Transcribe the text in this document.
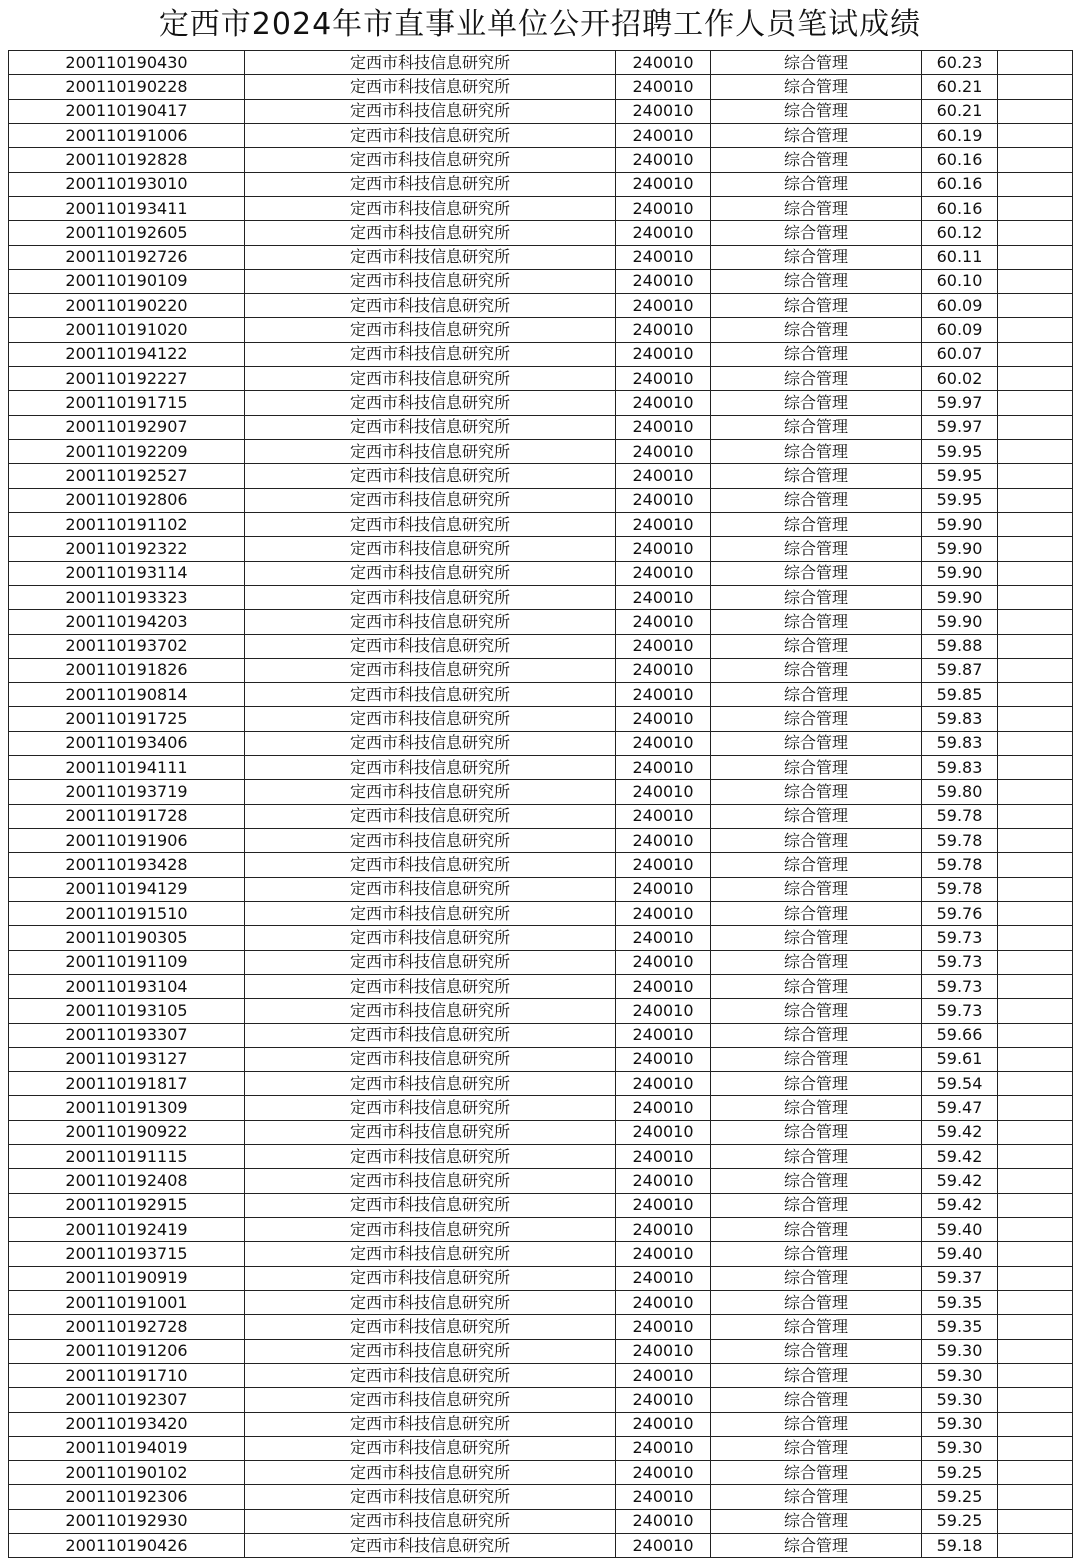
定西市2024年市直事业单位公开招聘工作人员笔试成绩
200110190430	定西市科技信息研究所	240010	综合管理	60.23	
200110190228	定西市科技信息研究所	240010	综合管理	60.21	
200110190417	定西市科技信息研究所	240010	综合管理	60.21	
200110191006	定西市科技信息研究所	240010	综合管理	60.19	
200110192828	定西市科技信息研究所	240010	综合管理	60.16	
200110193010	定西市科技信息研究所	240010	综合管理	60.16	
200110193411	定西市科技信息研究所	240010	综合管理	60.16	
200110192605	定西市科技信息研究所	240010	综合管理	60.12	
200110192726	定西市科技信息研究所	240010	综合管理	60.11	
200110190109	定西市科技信息研究所	240010	综合管理	60.10	
200110190220	定西市科技信息研究所	240010	综合管理	60.09	
200110191020	定西市科技信息研究所	240010	综合管理	60.09	
200110194122	定西市科技信息研究所	240010	综合管理	60.07	
200110192227	定西市科技信息研究所	240010	综合管理	60.02	
200110191715	定西市科技信息研究所	240010	综合管理	59.97	
200110192907	定西市科技信息研究所	240010	综合管理	59.97	
200110192209	定西市科技信息研究所	240010	综合管理	59.95	
200110192527	定西市科技信息研究所	240010	综合管理	59.95	
200110192806	定西市科技信息研究所	240010	综合管理	59.95	
200110191102	定西市科技信息研究所	240010	综合管理	59.90	
200110192322	定西市科技信息研究所	240010	综合管理	59.90	
200110193114	定西市科技信息研究所	240010	综合管理	59.90	
200110193323	定西市科技信息研究所	240010	综合管理	59.90	
200110194203	定西市科技信息研究所	240010	综合管理	59.90	
200110193702	定西市科技信息研究所	240010	综合管理	59.88	
200110191826	定西市科技信息研究所	240010	综合管理	59.87	
200110190814	定西市科技信息研究所	240010	综合管理	59.85	
200110191725	定西市科技信息研究所	240010	综合管理	59.83	
200110193406	定西市科技信息研究所	240010	综合管理	59.83	
200110194111	定西市科技信息研究所	240010	综合管理	59.83	
200110193719	定西市科技信息研究所	240010	综合管理	59.80	
200110191728	定西市科技信息研究所	240010	综合管理	59.78	
200110191906	定西市科技信息研究所	240010	综合管理	59.78	
200110193428	定西市科技信息研究所	240010	综合管理	59.78	
200110194129	定西市科技信息研究所	240010	综合管理	59.78	
200110191510	定西市科技信息研究所	240010	综合管理	59.76	
200110190305	定西市科技信息研究所	240010	综合管理	59.73	
200110191109	定西市科技信息研究所	240010	综合管理	59.73	
200110193104	定西市科技信息研究所	240010	综合管理	59.73	
200110193105	定西市科技信息研究所	240010	综合管理	59.73	
200110193307	定西市科技信息研究所	240010	综合管理	59.66	
200110193127	定西市科技信息研究所	240010	综合管理	59.61	
200110191817	定西市科技信息研究所	240010	综合管理	59.54	
200110191309	定西市科技信息研究所	240010	综合管理	59.47	
200110190922	定西市科技信息研究所	240010	综合管理	59.42	
200110191115	定西市科技信息研究所	240010	综合管理	59.42	
200110192408	定西市科技信息研究所	240010	综合管理	59.42	
200110192915	定西市科技信息研究所	240010	综合管理	59.42	
200110192419	定西市科技信息研究所	240010	综合管理	59.40	
200110193715	定西市科技信息研究所	240010	综合管理	59.40	
200110190919	定西市科技信息研究所	240010	综合管理	59.37	
200110191001	定西市科技信息研究所	240010	综合管理	59.35	
200110192728	定西市科技信息研究所	240010	综合管理	59.35	
200110191206	定西市科技信息研究所	240010	综合管理	59.30	
200110191710	定西市科技信息研究所	240010	综合管理	59.30	
200110192307	定西市科技信息研究所	240010	综合管理	59.30	
200110193420	定西市科技信息研究所	240010	综合管理	59.30	
200110194019	定西市科技信息研究所	240010	综合管理	59.30	
200110190102	定西市科技信息研究所	240010	综合管理	59.25	
200110192306	定西市科技信息研究所	240010	综合管理	59.25	
200110192930	定西市科技信息研究所	240010	综合管理	59.25	
200110190426	定西市科技信息研究所	240010	综合管理	59.18	
